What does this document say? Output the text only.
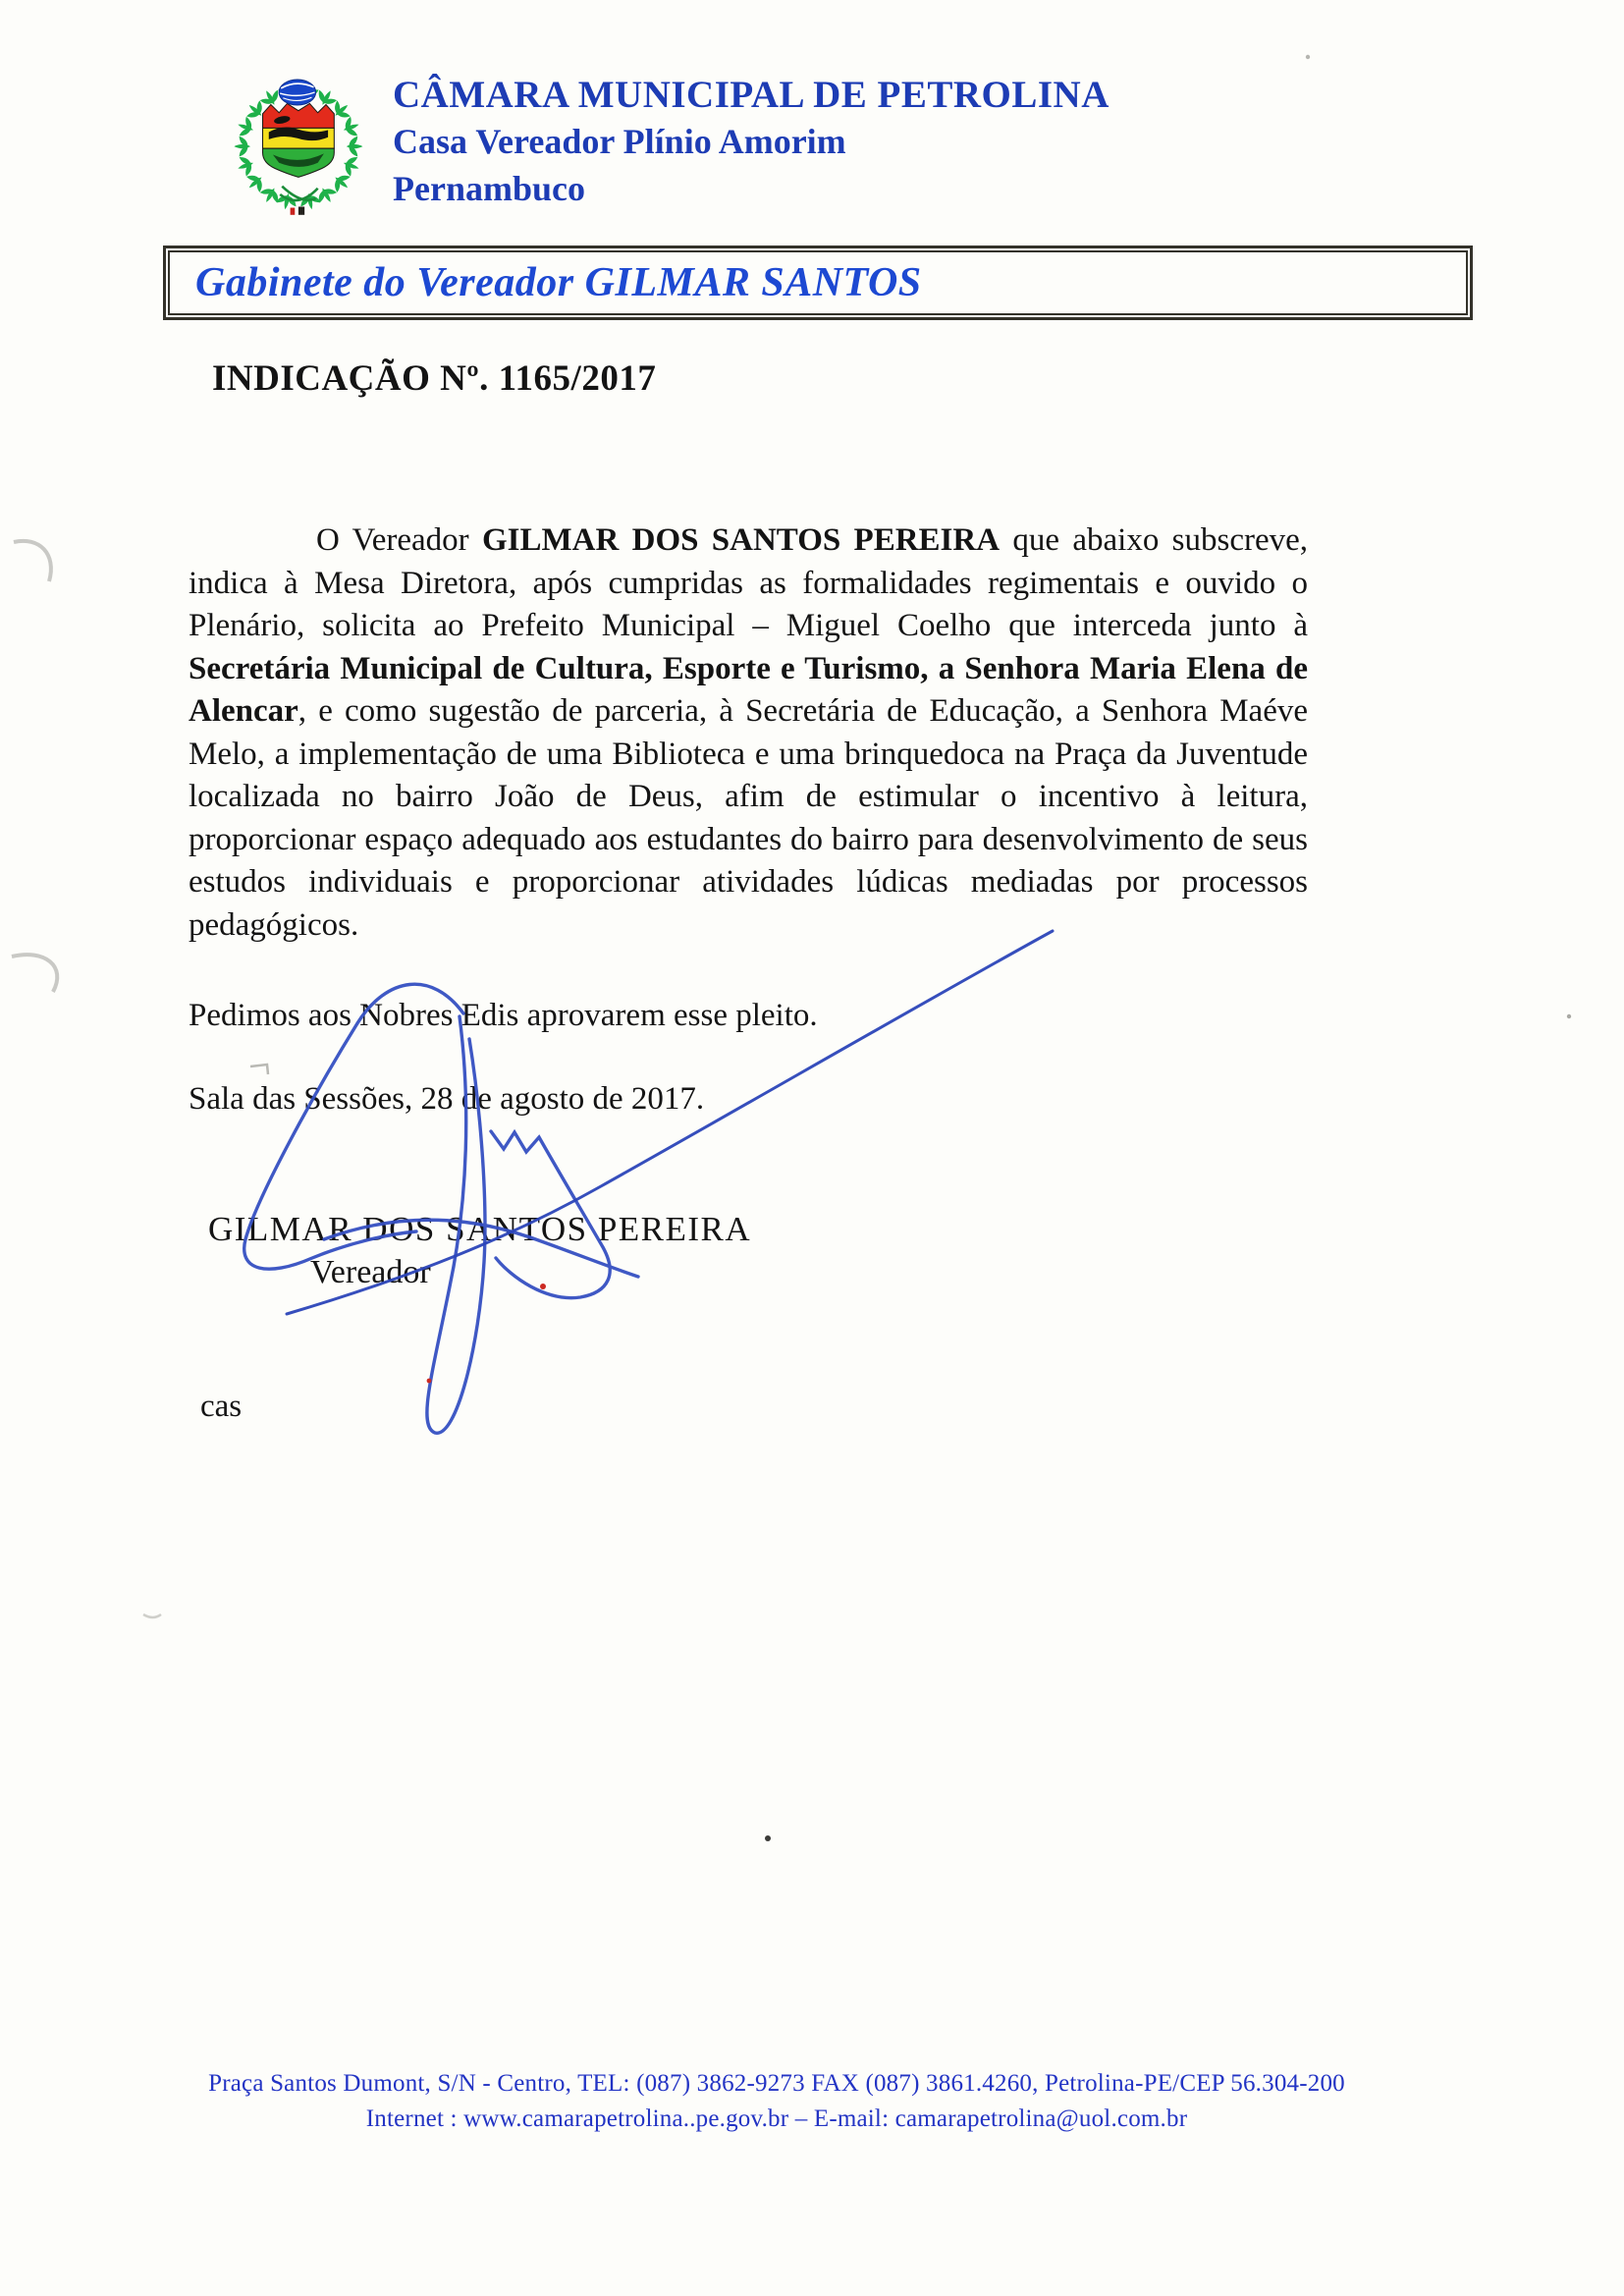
CÂMARA MUNICIPAL DE PETROLINA
Casa Vereador Plínio Amorim
Pernambuco
Gabinete do Vereador GILMAR SANTOS
INDICAÇÃO Nº. 1165/2017
O Vereador GILMAR DOS SANTOS PEREIRA que abaixo subscreve, indica à Mesa Diretora, após cumpridas as formalidades regimentais e ouvido o Plenário, solicita ao Prefeito Municipal – Miguel Coelho que interceda junto à Secretária Municipal de Cultura, Esporte e Turismo, a Senhora Maria Elena de Alencar, e como sugestão de parceria, à Secretária de Educação, a Senhora Maéve Melo, a implementação de uma Biblioteca e uma brinquedoca na Praça da Juventude localizada no bairro João de Deus, afim de estimular o incentivo à leitura, proporcionar espaço adequado aos estudantes do bairro para desenvolvimento de seus estudos individuais e proporcionar atividades lúdicas mediadas por processos pedagógicos.
Pedimos aos Nobres Edis aprovarem esse pleito.
Sala das Sessões, 28 de agosto de 2017.
GILMAR DOS SANTOS PEREIRA
Vereador
cas
Praça Santos Dumont, S/N - Centro, TEL: (087) 3862-9273 FAX (087) 3861.4260, Petrolina-PE/CEP 56.304-200
Internet : www.camarapetrolina..pe.gov.br – E-mail: camarapetrolina@uol.com.br
